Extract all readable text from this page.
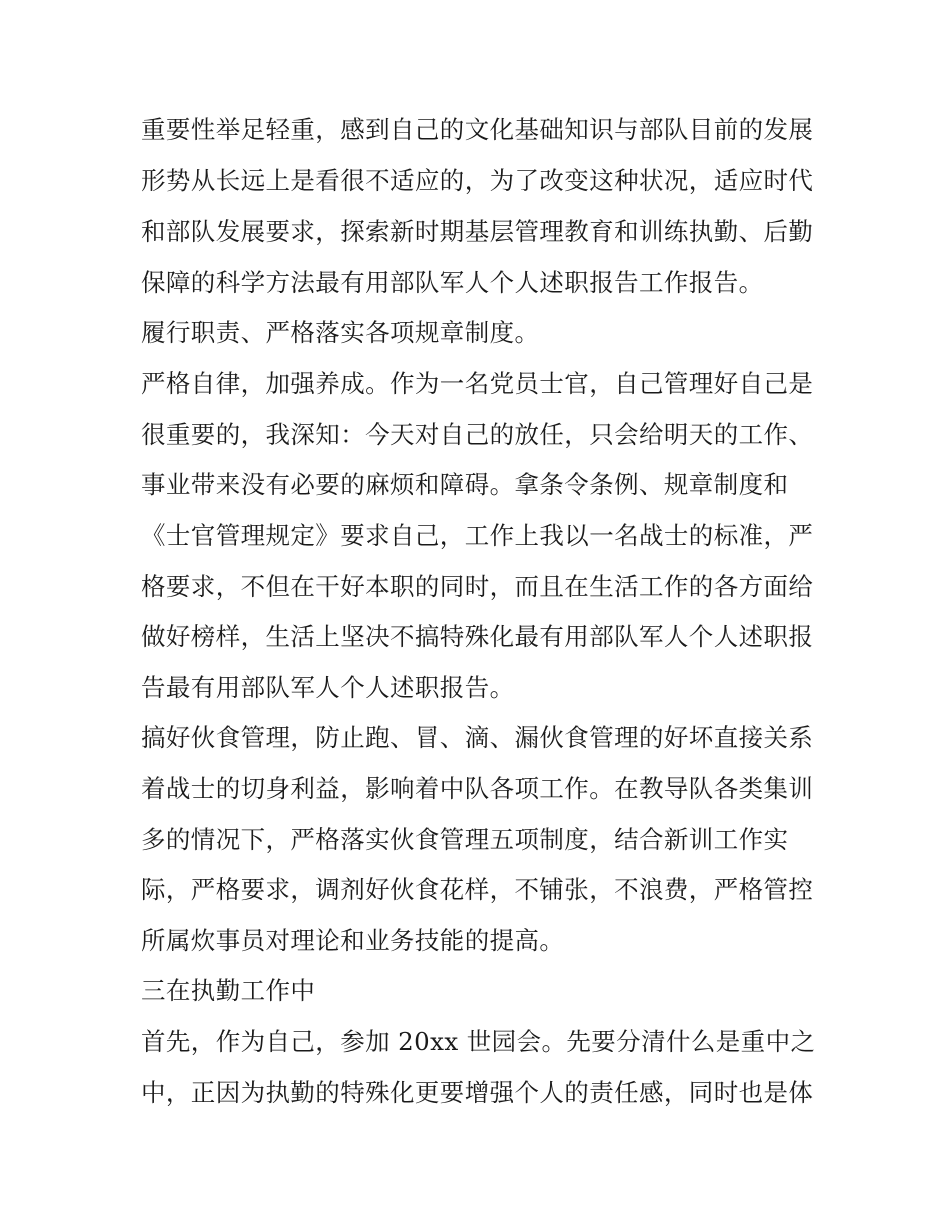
重要性举足轻重，感到自己的文化基础知识与部队目前的发展
形势从长远上是看很不适应的，为了改变这种状况，适应时代
和部队发展要求，探索新时期基层管理教育和训练执勤、后勤
保障的科学方法最有用部队军人个人述职报告工作报告。
履行职责、严格落实各项规章制度。
严格自律，加强养成。作为一名党员士官，自己管理好自己是
很重要的，我深知：今天对自己的放任，只会给明天的工作、
事业带来没有必要的麻烦和障碍。拿条令条例、规章制度和
《士官管理规定》要求自己，工作上我以一名战士的标准，严
格要求，不但在干好本职的同时，而且在生活工作的各方面给
做好榜样，生活上坚决不搞特殊化最有用部队军人个人述职报
告最有用部队军人个人述职报告。
搞好伙食管理，防止跑、冒、滴、漏伙食管理的好坏直接关系
着战士的切身利益，影响着中队各项工作。在教导队各类集训
多的情况下，严格落实伙食管理五项制度，结合新训工作实
际，严格要求，调剂好伙食花样，不铺张，不浪费，严格管控
所属炊事员对理论和业务技能的提高。
三在执勤工作中
首先，作为自己，参加 20xx 世园会。先要分清什么是重中之
中，正因为执勤的特殊化更要增强个人的责任感，同时也是体
